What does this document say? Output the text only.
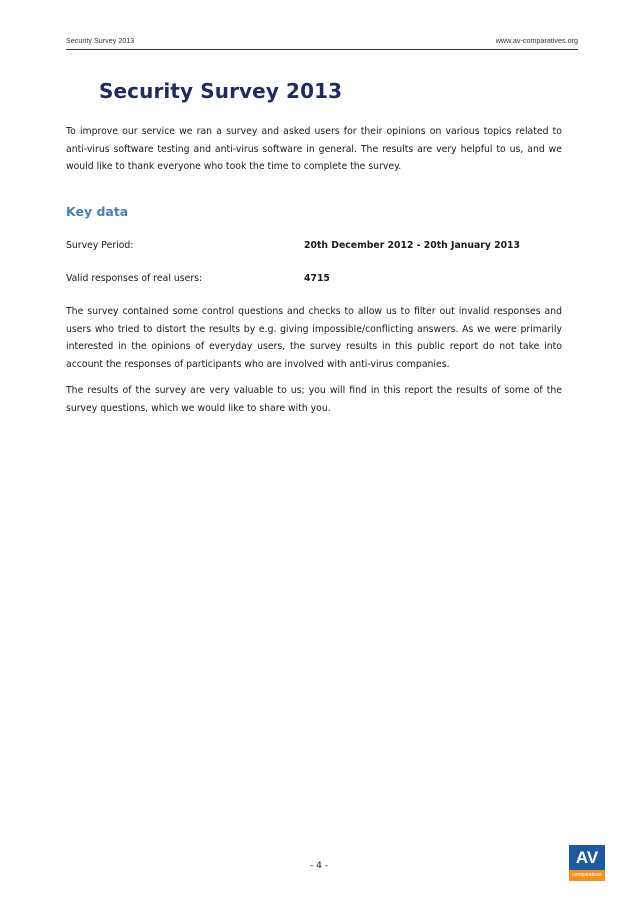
Security Survey 2013	www.av-comparatives.org
Security Survey 2013

To improve our service we ran a survey and asked users for their opinions on various topics related to anti-virus software testing and anti-virus software in general. The results are very helpful to us, and we would like to thank everyone who took the time to complete the survey.

Key data
Survey Period:	20th December 2012 - 20th January 2013
Valid responses of real users:	4715

The survey contained some control questions and checks to allow us to filter out invalid responses and users who tried to distort the results by e.g. giving impossible/conflicting answers. As we were primarily interested in the opinions of everyday users, the survey results in this public report do not take into account the responses of participants who are involved with anti-virus companies.

The results of the survey are very valuable to us; you will find in this report the results of some of the survey questions, which we would like to share with you.

- 4 -	AV
comparatives
